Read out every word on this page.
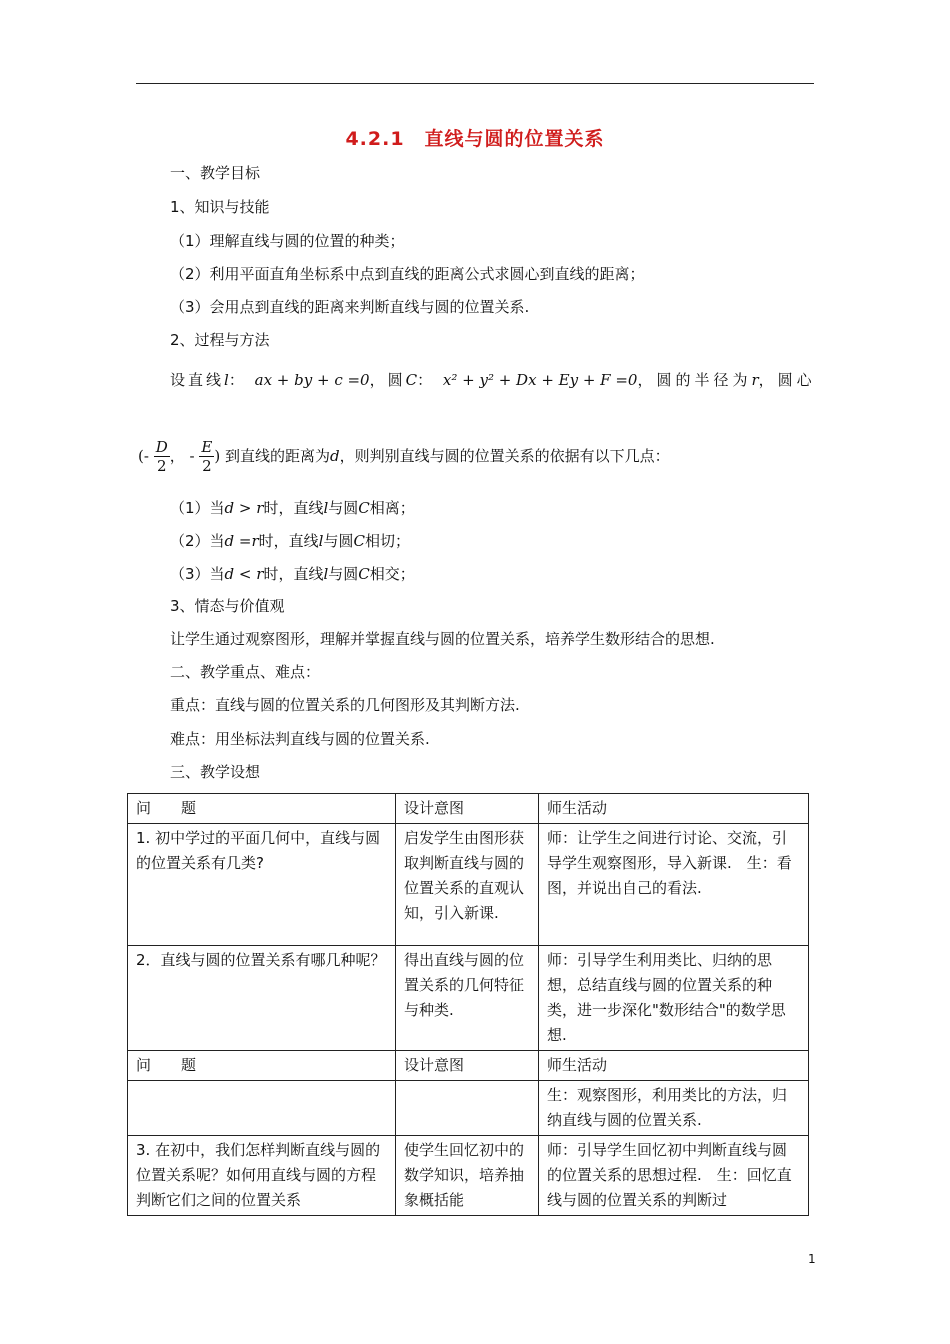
4.2.1　直线与圆的位置关系
一、教学目标
1、知识与技能
（1）理解直线与圆的位置的种类；
（2）利用平面直角坐标系中点到直线的距离公式求圆心到直线的距离；
（3）会用点到直线的距离来判断直线与圆的位置关系.
2、过程与方法
设直线l： ax + by + c =0，圆C： x² + y² + Dx + Ey + F =0，圆的半径为r，圆心
(- $\frac{D}{2}$ ， - $\frac{E}{2}$ ) 到直线的距离为d，则判别直线与圆的位置关系的依据有以下几点：
（1）当d > r时，直线l与圆C相离；
（2）当d =r时，直线l与圆C相切；
（3）当d < r时，直线l与圆C相交；
3、情态与价值观
让学生通过观察图形，理解并掌握直线与圆的位置关系，培养学生数形结合的思想.
二、教学重点、难点：
重点：直线与圆的位置关系的几何图形及其判断方法.
难点：用坐标法判直线与圆的位置关系.
三、教学设想
问　　题	设计意图	师生活动
1. 初中学过的平面几何中，直线与圆的位置关系有几类?	启发学生由图形获取判断直线与圆的位置关系的直观认知，引入新课.	师：让学生之间进行讨论、交流，引导学生观察图形，导入新课.　生：看图，并说出自己的看法.
2．直线与圆的位置关系有哪几种呢？	得出直线与圆的位置关系的几何特征与种类.	师：引导学生利用类比、归纳的思想，总结直线与圆的位置关系的种类，进一步深化"数形结合"的数学思想.
问　　题	设计意图	师生活动
		生：观察图形，利用类比的方法，归纳直线与圆的位置关系.
3. 在初中，我们怎样判断直线与圆的位置关系呢？如何用直线与圆的方程判断它们之间的位置关系	使学生回忆初中的数学知识，培养抽象概括能	师：引导学生回忆初中判断直线与圆的位置关系的思想过程.　生：回忆直线与圆的位置关系的判断过
1
